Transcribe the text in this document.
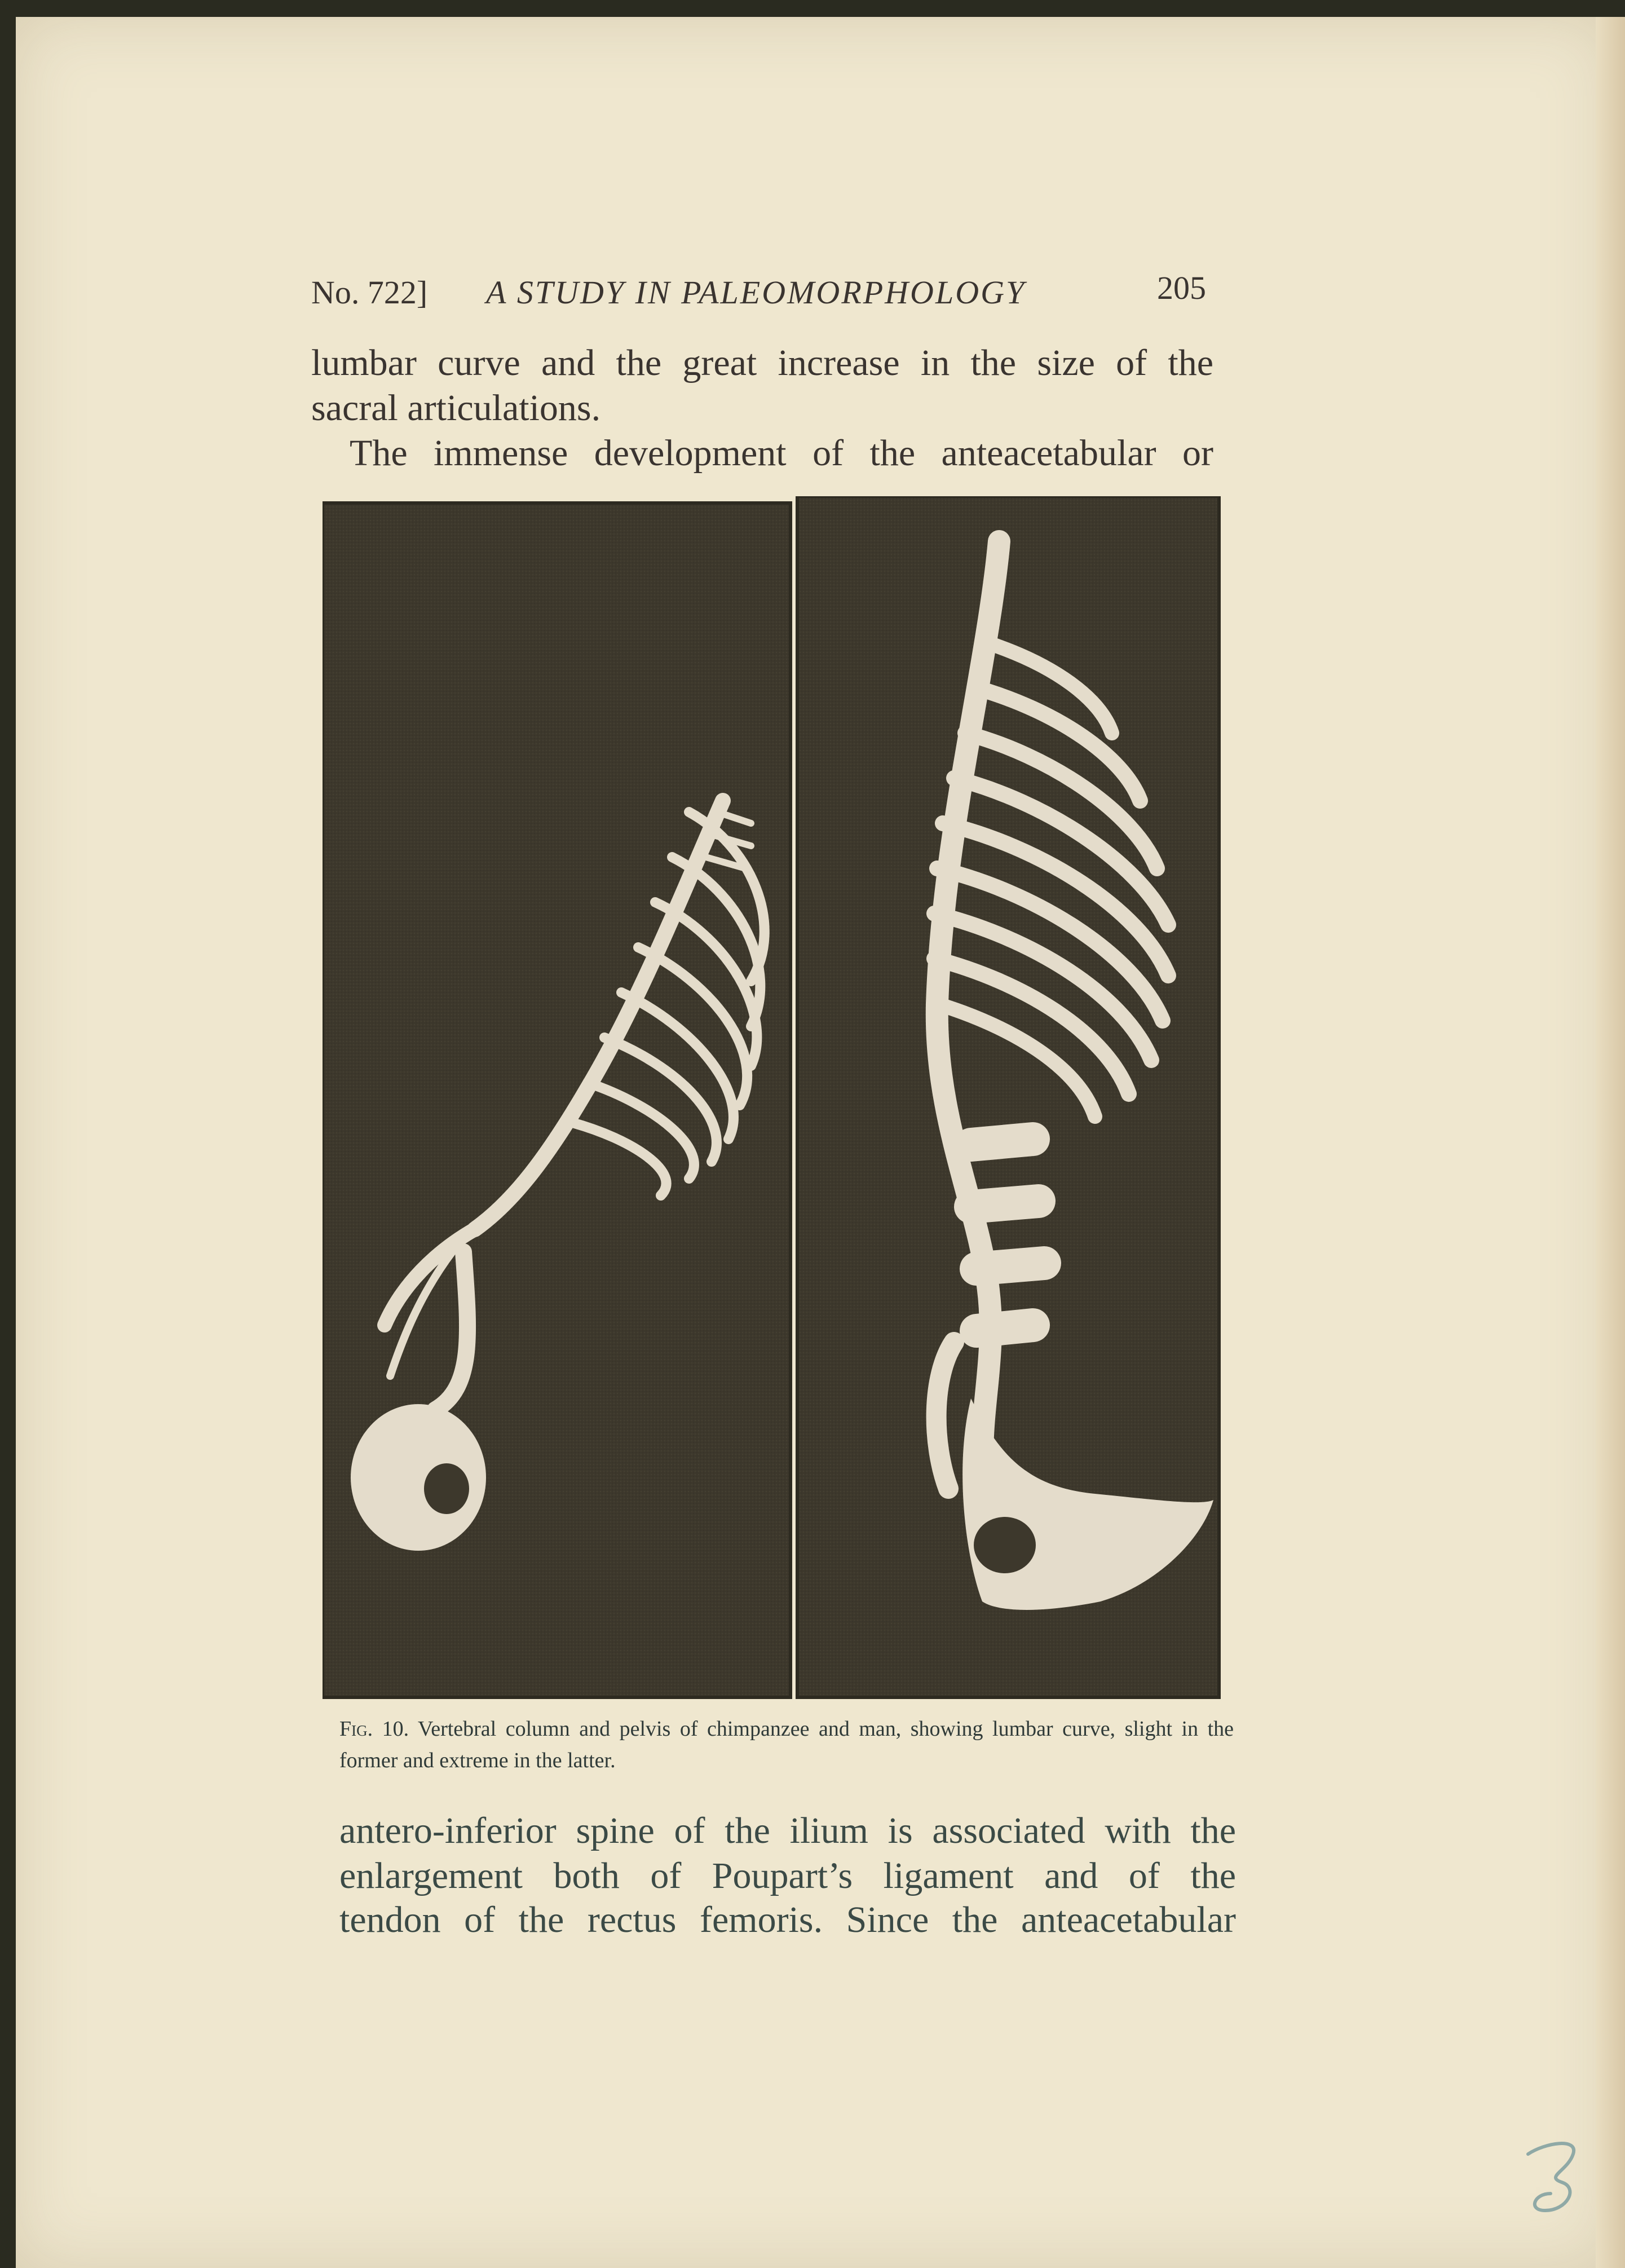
No. 722] A STUDY IN PALEOMORPHOLOGY	205
lumbar curve and the great increase in the size of the
sacral articulations.
The immense development of the anteacetabular or
Fig. 10. Vertebral column and pelvis of chimpanzee and man, showing lumbar curve, slight in the former and extreme in the latter.
antero-inferior spine of the ilium is associated with the
enlargement both of Poupart’s ligament and of the
tendon of the rectus femoris. Since the anteacetabular
